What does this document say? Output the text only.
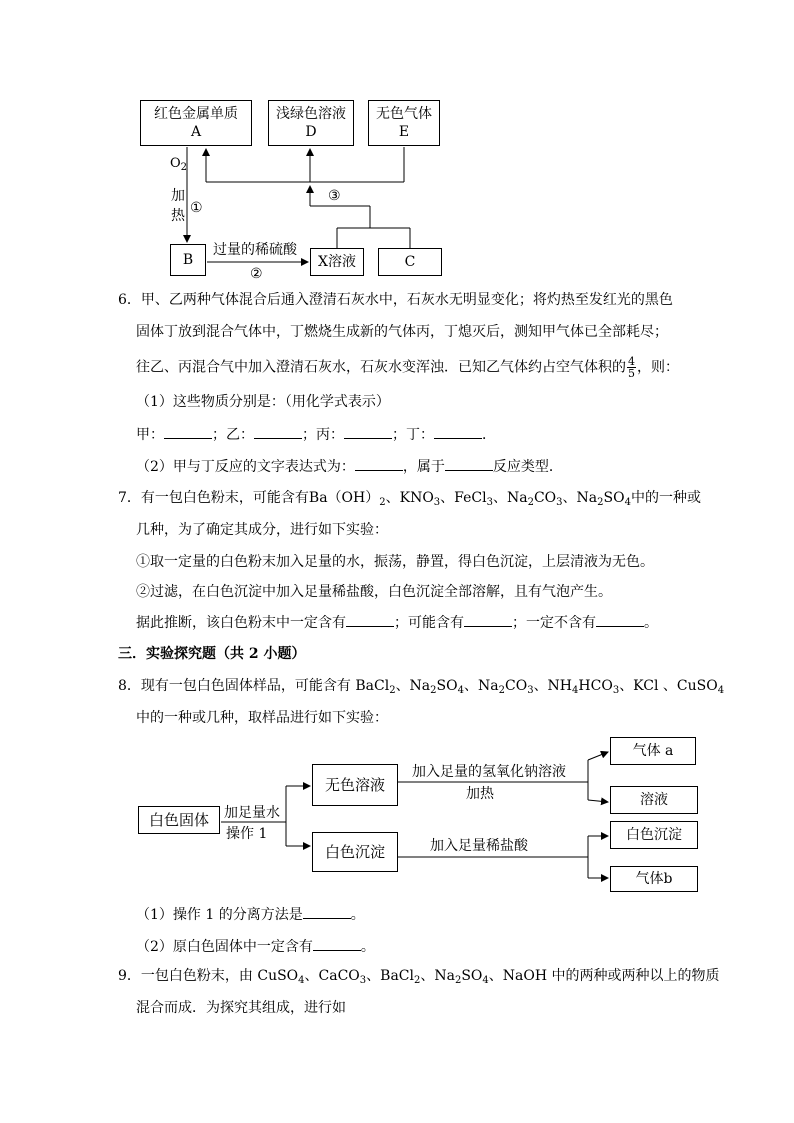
红色金属单质
A
浅绿色溶液
D
无色气体
E
B	X溶液	C
$O_2$
加
热 ①
过量的稀硫酸
②
③
6．甲、乙两种气体混合后通入澄清石灰水中，石灰水无明显变化；将灼热至发红光的黑色
固体丁放到混合气体中，丁燃烧生成新的气体丙，丁熄灭后，测知甲气体已全部耗尽；
往乙、丙混合气中加入澄清石灰水，石灰水变浑浊．已知乙气体约占空气体积的 $\frac{4}{5}$ ，则：
（1）这些物质分别是：（用化学式表示）
甲：	；乙：	；丙：	；丁：	．
（2）甲与丁反应的文字表达式为：	，属于	反应类型．
7．有一包白色粉末，可能含有$Ba(OH)_2$、$KNO_3$、FeCl$_3$、$Na_2CO_3$、$Na_2SO_4$中的一种或
几种，为了确定其成分，进行如下实验：
①取一定量的白色粉末加入足量的水，振荡，静置，得白色沉淀，上层清液为无色。
②过滤，在白色沉淀中加入足量稀盐酸，白色沉淀全部溶解，且有气泡产生。
据此推断，该白色粉末中一定含有	；可能含有	；一定不含有	。
三．实验探究题（共 2 小题）
8．现有一包白色固体样品，可能含有 BaCl$_2$、$Na_2SO_4$、$Na_2CO_3$、$NH_4HCO_3$、KCl 、CuSO$_4$
中的一种或几种，取样品进行如下实验：
白色固体
无色溶液
白色沉淀
气体 a
溶液
白色沉淀
气体b
加足量水
操作 1
加入足量的氢氧化钠溶液
加热
加入足量稀盐酸
（1）操作 1 的分离方法是	。
（2）原白色固体中一定含有	。
9．一包白色粉末，由 CuSO$_4$、CaCO$_3$、BaCl$_2$、$Na_2SO_4$、NaOH 中的两种或两种以上的物质
混合而成．为探究其组成，进行如
